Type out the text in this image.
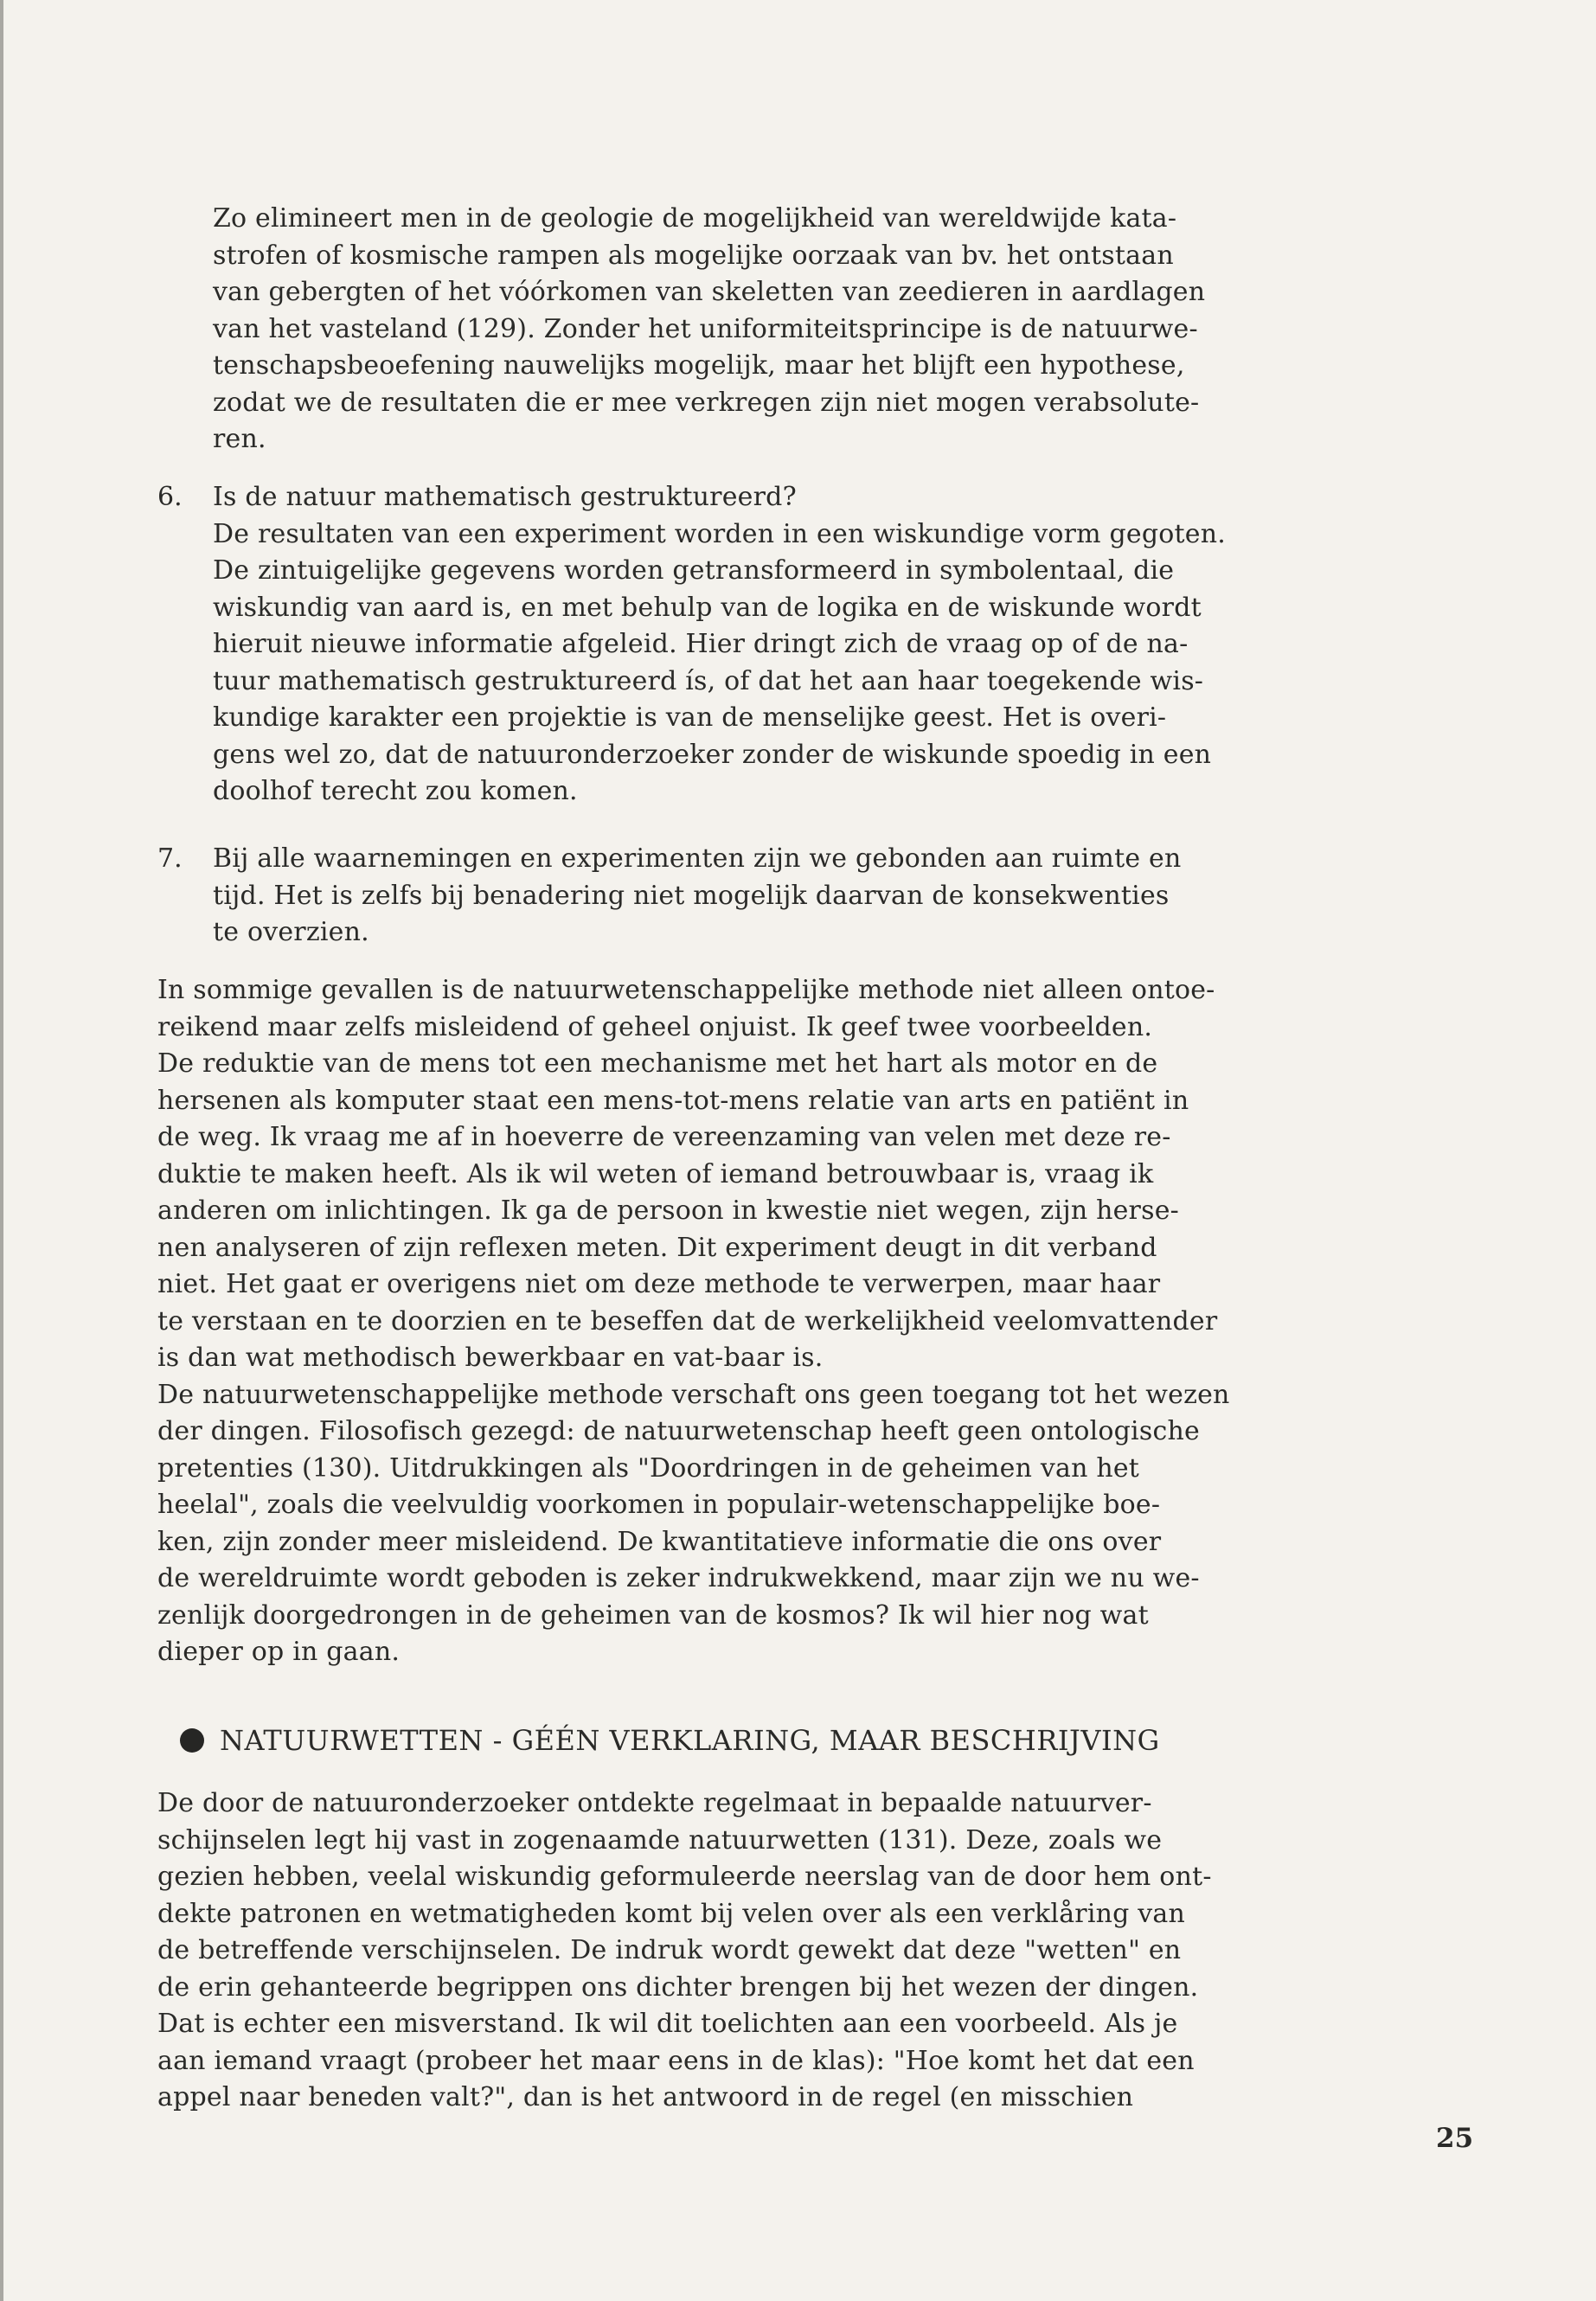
Zo elimineert men in de geologie de mogelijkheid van wereldwijde kata-
strofen of kosmische rampen als mogelijke oorzaak van bv. het ontstaan
van gebergten of het vóórkomen van skeletten van zeedieren in aardlagen
van het vasteland (129). Zonder het uniformiteitsprincipe is de natuurwe-
tenschapsbeoefening nauwelijks mogelijk, maar het blijft een hypothese,
zodat we de resultaten die er mee verkregen zijn niet mogen verabsolute-
ren.
6.	Is de natuur mathematisch gestruktureerd?
De resultaten van een experiment worden in een wiskundige vorm gegoten.
De zintuigelijke gegevens worden getransformeerd in symbolentaal, die
wiskundig van aard is, en met behulp van de logika en de wiskunde wordt
hieruit nieuwe informatie afgeleid. Hier dringt zich de vraag op of de na-
tuur mathematisch gestruktureerd ís, of dat het aan haar toegekende wis-
kundige karakter een projektie is van de menselijke geest. Het is overi-
gens wel zo, dat de natuuronderzoeker zonder de wiskunde spoedig in een
doolhof terecht zou komen.
7.	Bij alle waarnemingen en experimenten zijn we gebonden aan ruimte en
tijd. Het is zelfs bij benadering niet mogelijk daarvan de konsekwenties
te overzien.
In sommige gevallen is de natuurwetenschappelijke methode niet alleen ontoe-
reikend maar zelfs misleidend of geheel onjuist. Ik geef twee voorbeelden.
De reduktie van de mens tot een mechanisme met het hart als motor en de
hersenen als komputer staat een mens-tot-mens relatie van arts en patiënt in
de weg. Ik vraag me af in hoeverre de vereenzaming van velen met deze re-
duktie te maken heeft. Als ik wil weten of iemand betrouwbaar is, vraag ik
anderen om inlichtingen. Ik ga de persoon in kwestie niet wegen, zijn herse-
nen analyseren of zijn reflexen meten. Dit experiment deugt in dit verband
niet. Het gaat er overigens niet om deze methode te verwerpen, maar haar
te verstaan en te doorzien en te beseffen dat de werkelijkheid veelomvattender
is dan wat methodisch bewerkbaar en vat-baar is.
De natuurwetenschappelijke methode verschaft ons geen toegang tot het wezen
der dingen. Filosofisch gezegd: de natuurwetenschap heeft geen ontologische
pretenties (130). Uitdrukkingen als "Doordringen in de geheimen van het
heelal", zoals die veelvuldig voorkomen in populair-wetenschappelijke boe-
ken, zijn zonder meer misleidend. De kwantitatieve informatie die ons over
de wereldruimte wordt geboden is zeker indrukwekkend, maar zijn we nu we-
zenlijk doorgedrongen in de geheimen van de kosmos? Ik wil hier nog wat
dieper op in gaan.
NATUURWETTEN - GÉÉN VERKLARING, MAAR BESCHRIJVING
De door de natuuronderzoeker ontdekte regelmaat in bepaalde natuurver-
schijnselen legt hij vast in zogenaamde natuurwetten (131). Deze, zoals we
gezien hebben, veelal wiskundig geformuleerde neerslag van de door hem ont-
dekte patronen en wetmatigheden komt bij velen over als een verklåring van
de betreffende verschijnselen. De indruk wordt gewekt dat deze "wetten" en
de erin gehanteerde begrippen ons dichter brengen bij het wezen der dingen.
Dat is echter een misverstand. Ik wil dit toelichten aan een voorbeeld. Als je
aan iemand vraagt (probeer het maar eens in de klas): "Hoe komt het dat een
appel naar beneden valt?", dan is het antwoord in de regel (en misschien
25
